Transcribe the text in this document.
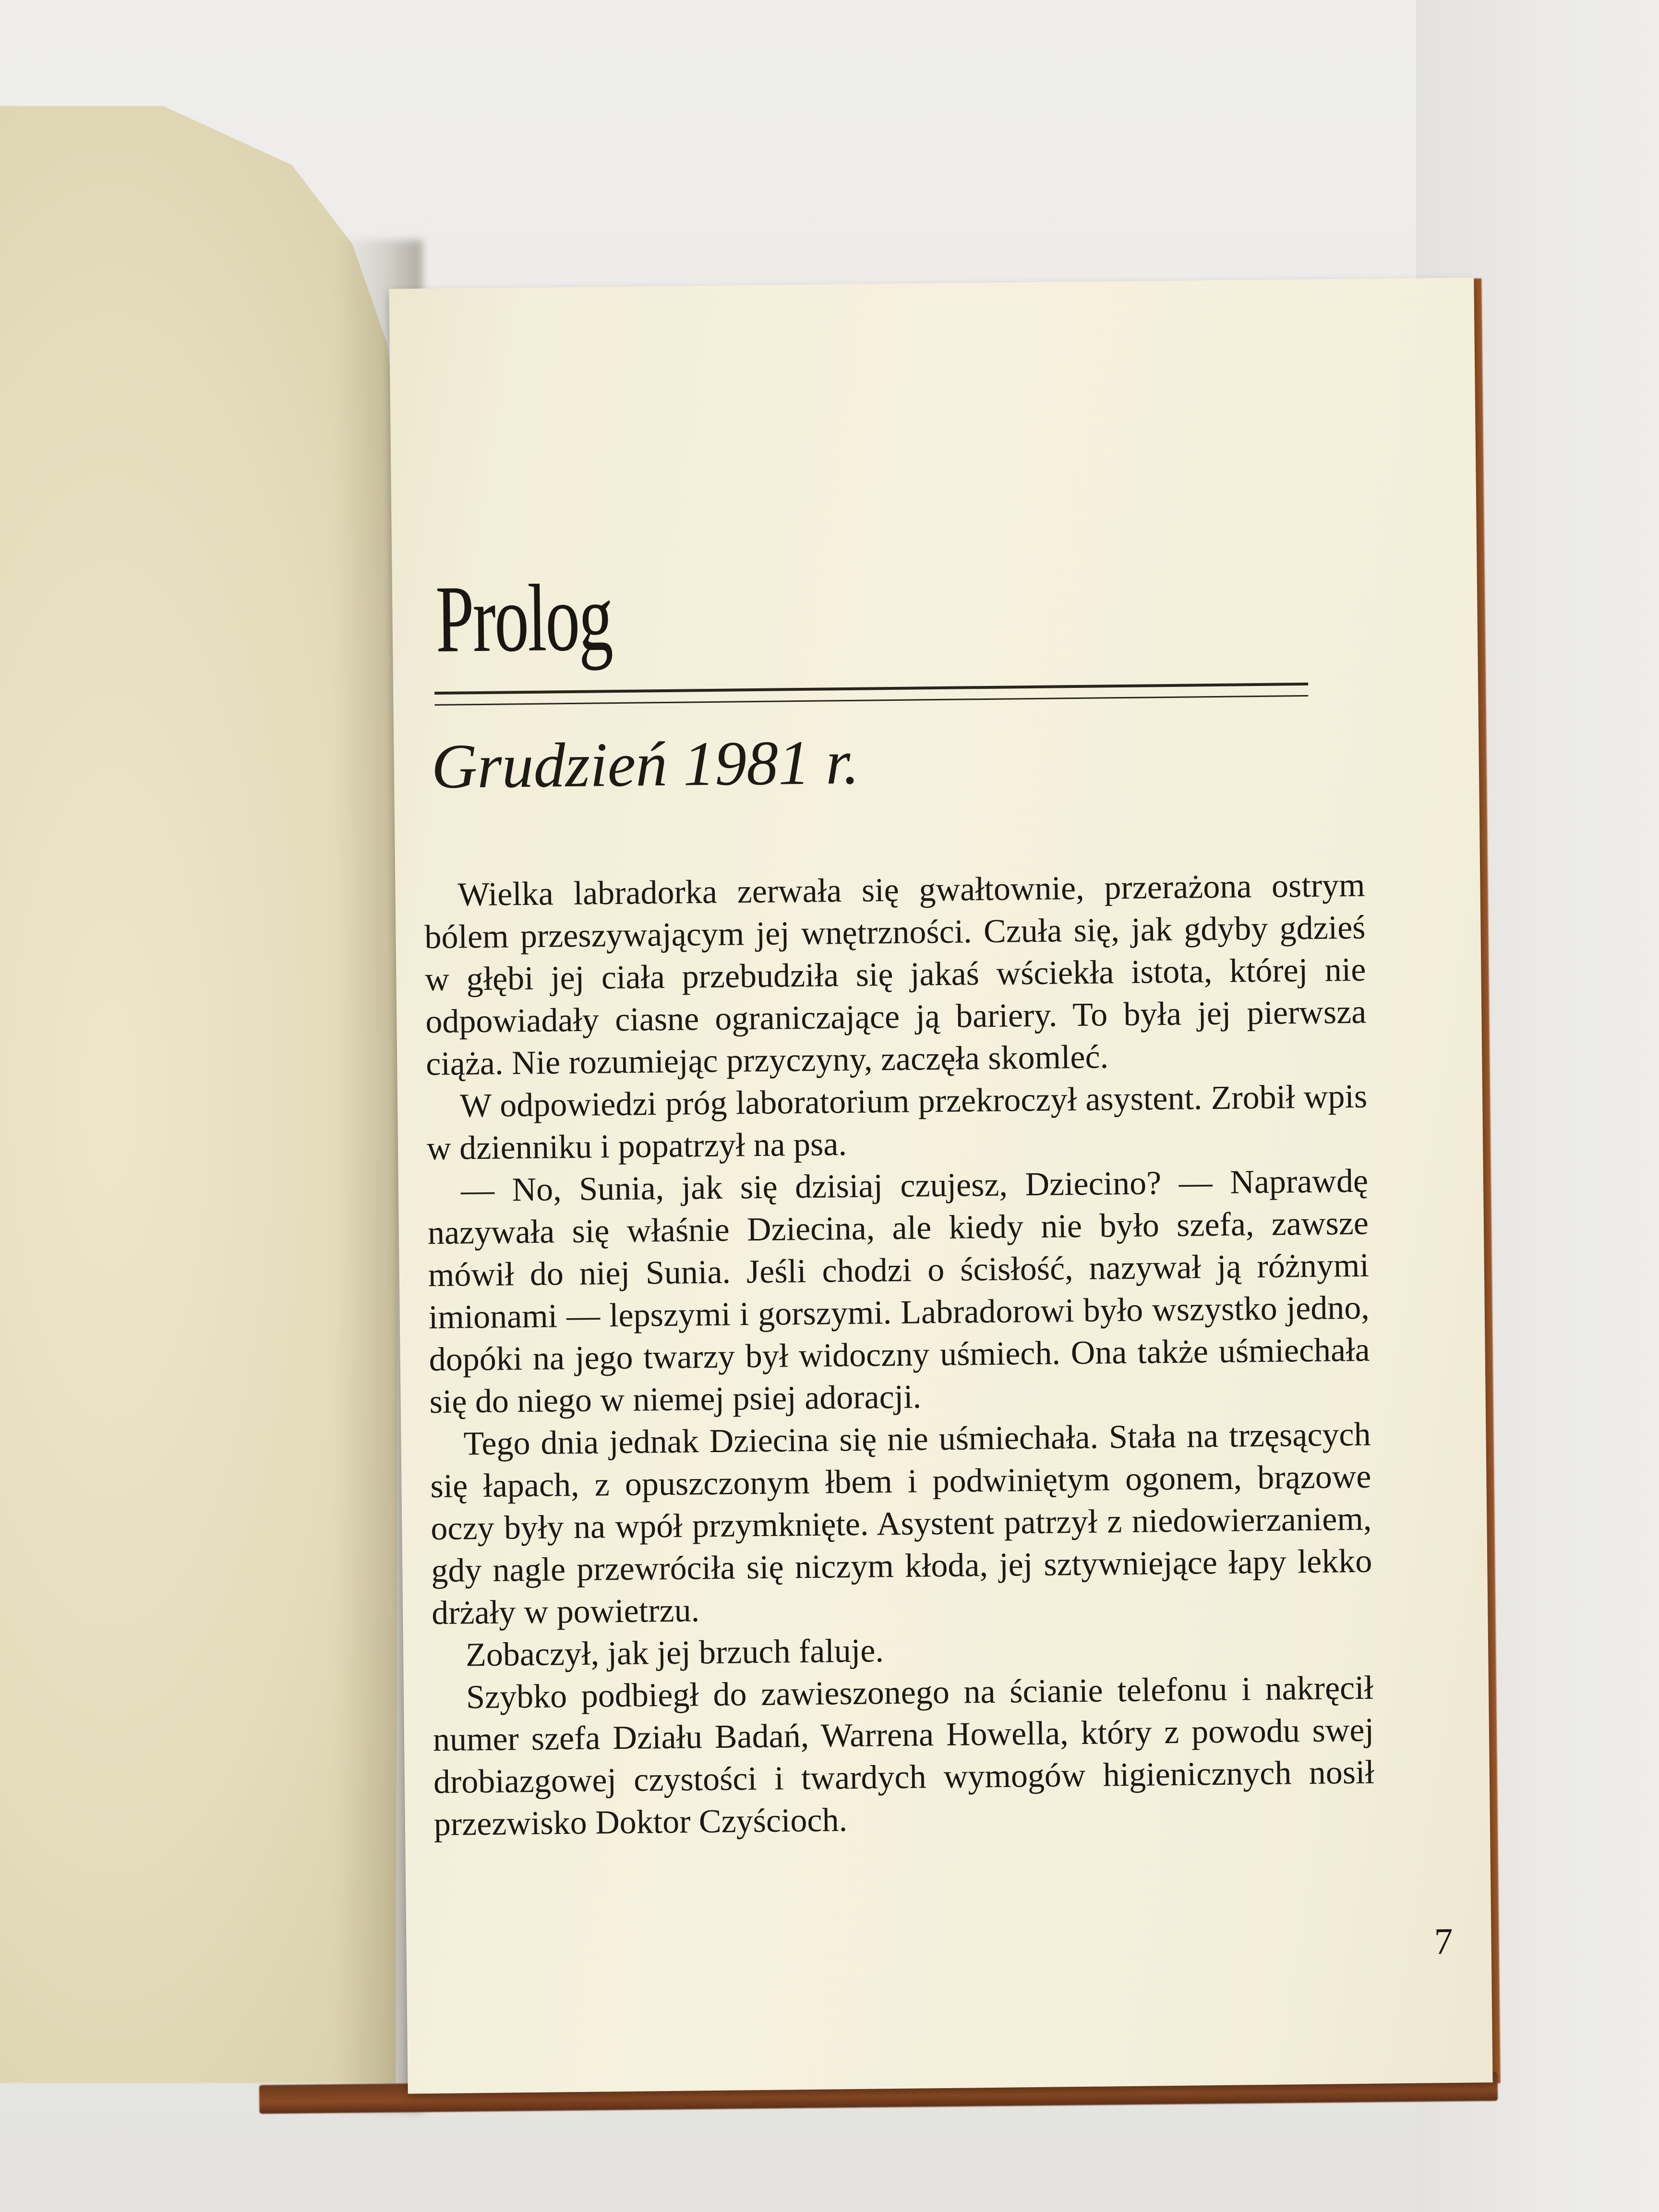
Prolog
Grudzień 1981 r.

Wielka labradorka zerwała się gwałtownie, przerażona ostrym bólem przeszywającym jej wnętrzności. Czuła się, jak gdyby gdzieś w głębi jej ciała przebudziła się jakaś wściekła istota, której nie odpowiadały ciasne ograniczające ją bariery. To była jej pierwsza ciąża. Nie rozumiejąc przyczyny, zaczęła skomleć.

W odpowiedzi próg laboratorium przekroczył asystent. Zrobił wpis w dzienniku i popatrzył na psa.

— No, Sunia, jak się dzisiaj czujesz, Dziecino? — Naprawdę nazywała się właśnie Dziecina, ale kiedy nie było szefa, zawsze mówił do niej Sunia. Jeśli chodzi o ścisłość, nazywał ją różnymi imionami — lepszymi i gorszymi. Labradorowi było wszystko jedno, dopóki na jego twarzy był widoczny uśmiech. Ona także uśmiechała się do niego w niemej psiej adoracji.

Tego dnia jednak Dziecina się nie uśmiechała. Stała na trzęsących się łapach, z opuszczonym łbem i podwiniętym ogonem, brązowe oczy były na wpół przymknięte. Asystent patrzył z niedowierzaniem, gdy nagle przewróciła się niczym kłoda, jej sztywniejące łapy lekko drżały w powietrzu.

Zobaczył, jak jej brzuch faluje.

Szybko podbiegł do zawieszonego na ścianie telefonu i nakręcił numer szefa Działu Badań, Warrena Howella, który z powodu swej drobiazgowej czystości i twardych wymogów higienicznych nosił przezwisko Doktor Czyścioch.

7
